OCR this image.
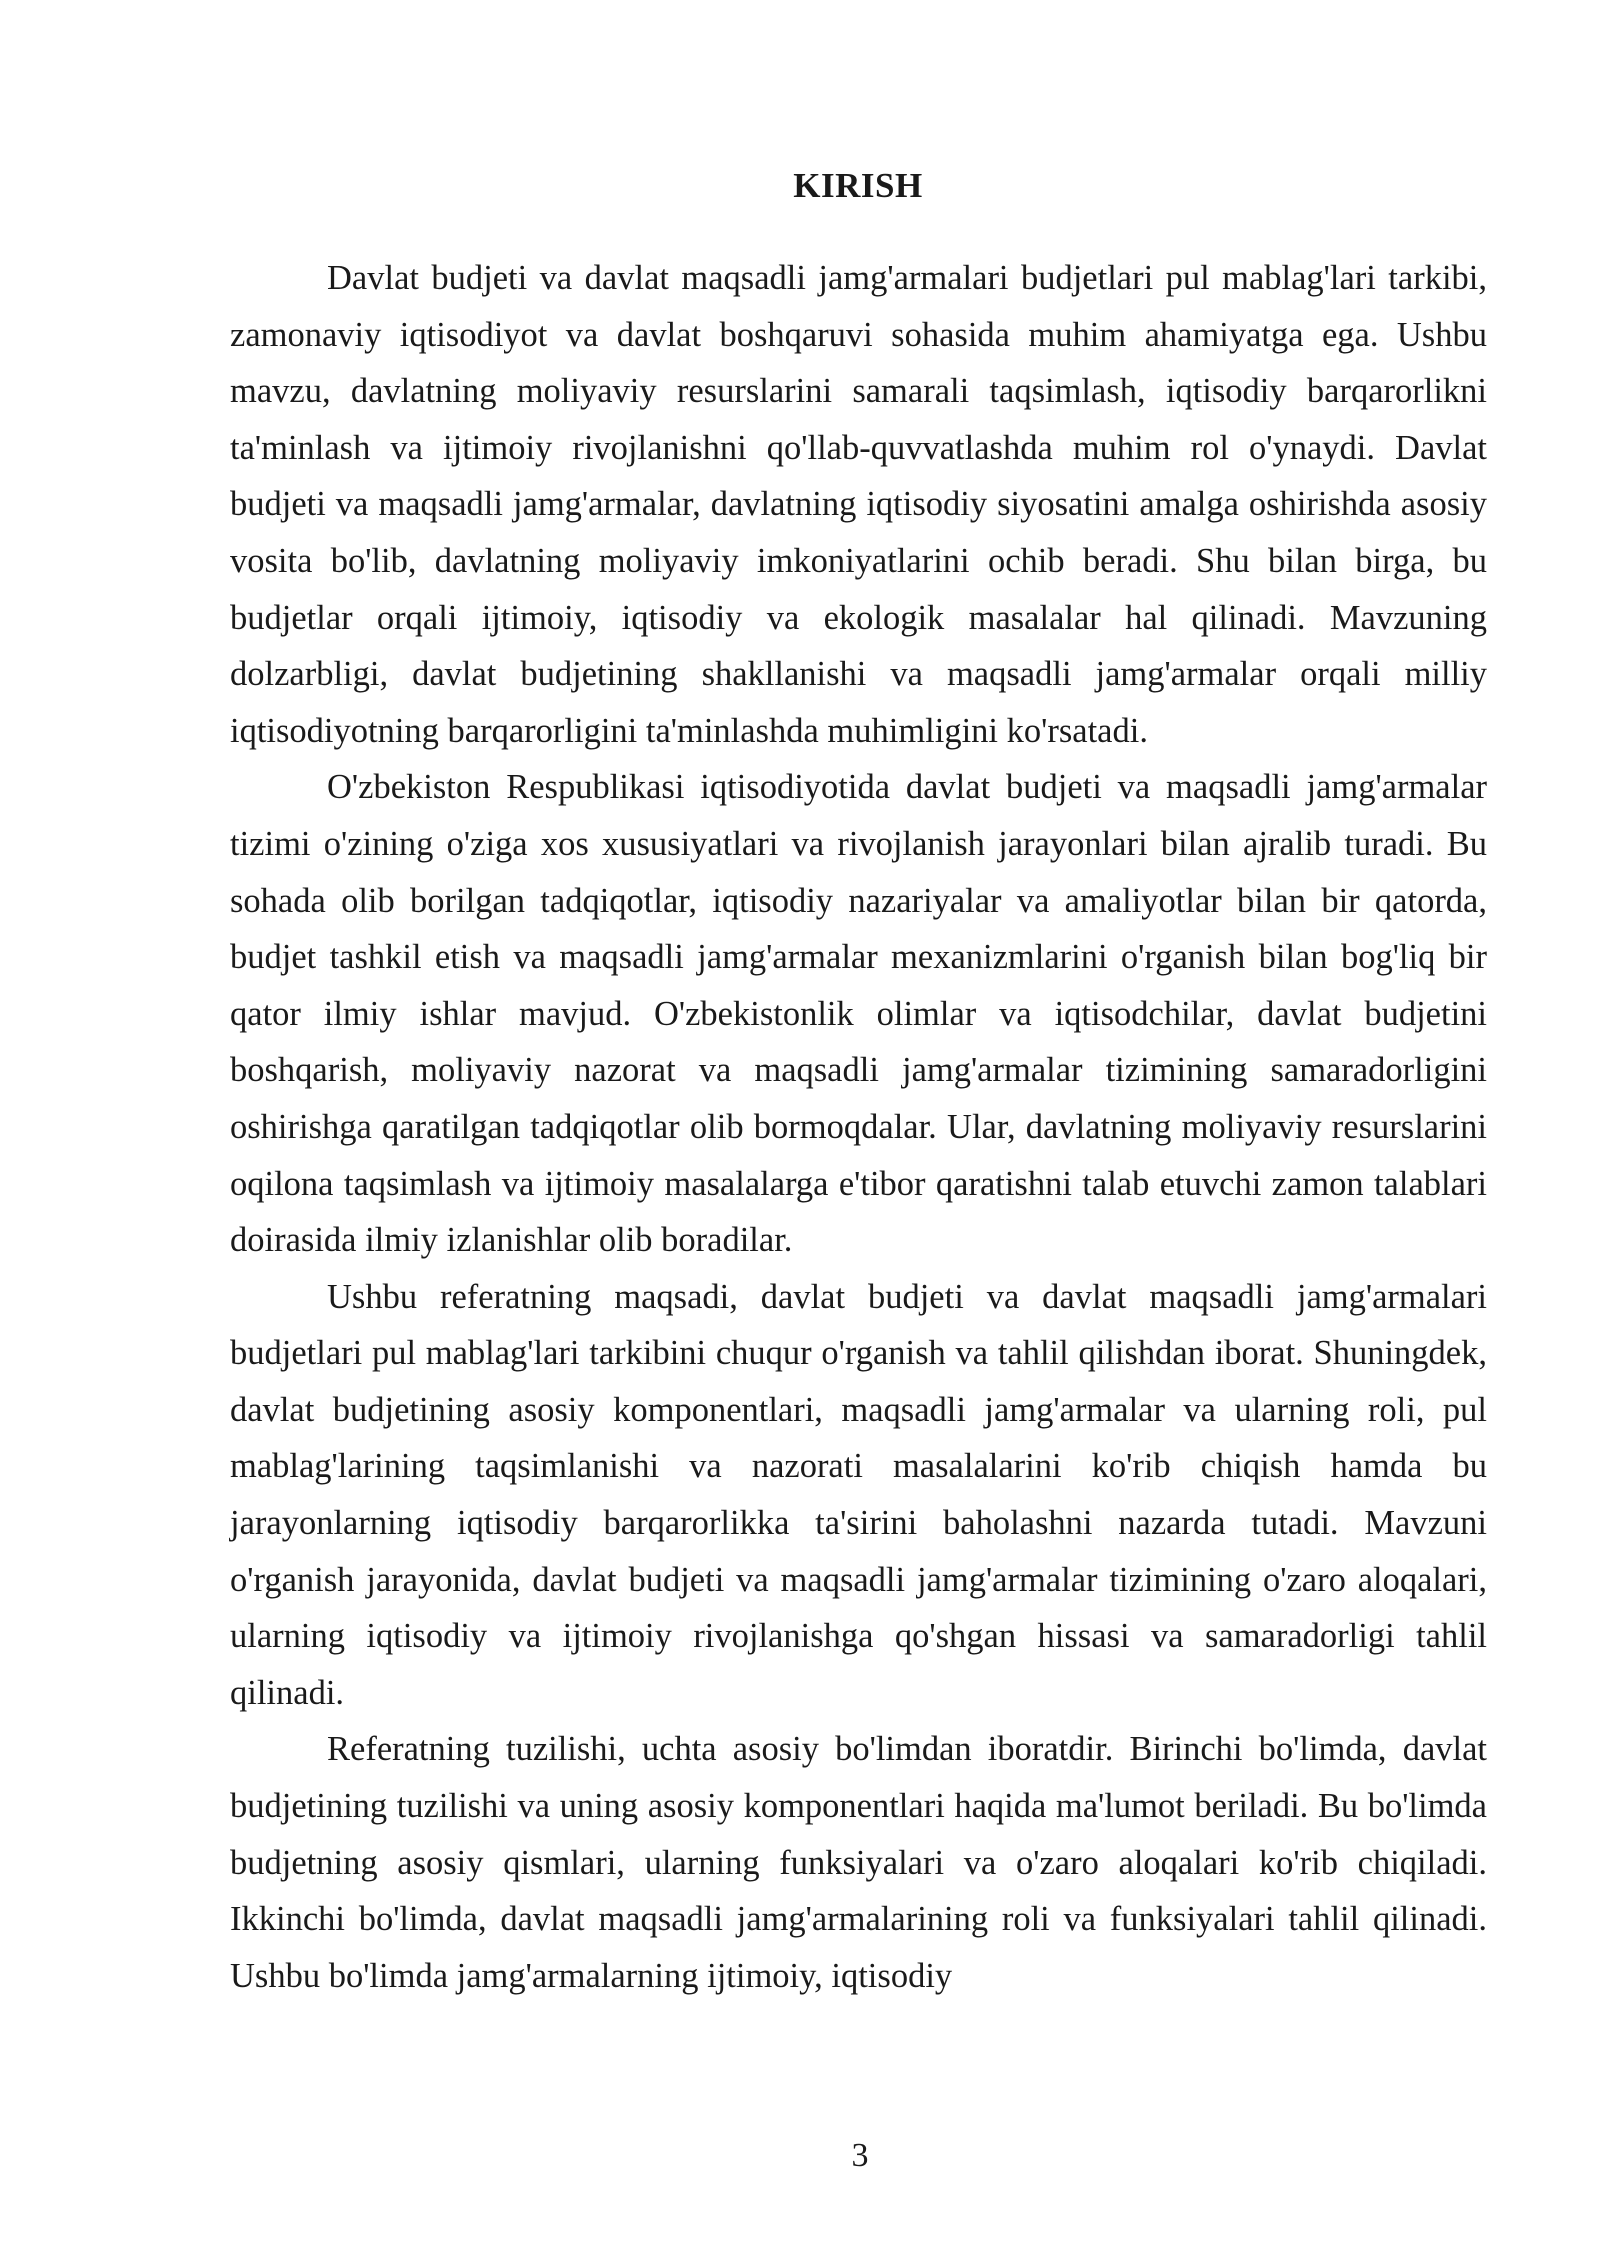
KIRISH

Davlat budjeti va davlat maqsadli jamg'armalari budjetlari pul mablag'lari tarkibi, zamonaviy iqtisodiyot va davlat boshqaruvi sohasida muhim ahamiyatga ega. Ushbu mavzu, davlatning moliyaviy resurslarini samarali taqsimlash, iqtisodiy barqarorlikni ta'minlash va ijtimoiy rivojlanishni qo'llab-quvvatlashda muhim rol o'ynaydi. Davlat budjeti va maqsadli jamg'armalar, davlatning iqtisodiy siyosatini amalga oshirishda asosiy vosita bo'lib, davlatning moliyaviy imkoniyatlarini ochib beradi. Shu bilan birga, bu budjetlar orqali ijtimoiy, iqtisodiy va ekologik masalalar hal qilinadi. Mavzuning dolzarbligi, davlat budjetining shakllanishi va maqsadli jamg'armalar orqali milliy iqtisodiyotning barqarorligini ta'minlashda muhimligini ko'rsatadi.

O'zbekiston Respublikasi iqtisodiyotida davlat budjeti va maqsadli jamg'armalar tizimi o'zining o'ziga xos xususiyatlari va rivojlanish jarayonlari bilan ajralib turadi. Bu sohada olib borilgan tadqiqotlar, iqtisodiy nazariyalar va amaliyotlar bilan bir qatorda, budjet tashkil etish va maqsadli jamg'armalar mexanizmlarini o'rganish bilan bog'liq bir qator ilmiy ishlar mavjud. O'zbekistonlik olimlar va iqtisodchilar, davlat budjetini boshqarish, moliyaviy nazorat va maqsadli jamg'armalar tizimining samaradorligini oshirishga qaratilgan tadqiqotlar olib bormoqdalar. Ular, davlatning moliyaviy resurslarini oqilona taqsimlash va ijtimoiy masalalarga e'tibor qaratishni talab etuvchi zamon talablari doirasida ilmiy izlanishlar olib boradilar.

Ushbu referatning maqsadi, davlat budjeti va davlat maqsadli jamg'armalari budjetlari pul mablag'lari tarkibini chuqur o'rganish va tahlil qilishdan iborat. Shuningdek, davlat budjetining asosiy komponentlari, maqsadli jamg'armalar va ularning roli, pul mablag'larining taqsimlanishi va nazorati masalalarini ko'rib chiqish hamda bu jarayonlarning iqtisodiy barqarorlikka ta'sirini baholashni nazarda tutadi. Mavzuni o'rganish jarayonida, davlat budjeti va maqsadli jamg'armalar tizimining o'zaro aloqalari, ularning iqtisodiy va ijtimoiy rivojlanishga qo'shgan hissasi va samaradorligi tahlil qilinadi.

Referatning tuzilishi, uchta asosiy bo'limdan iboratdir. Birinchi bo'limda, davlat budjetining tuzilishi va uning asosiy komponentlari haqida ma'lumot beriladi. Bu bo'limda budjetning asosiy qismlari, ularning funksiyalari va o'zaro aloqalari ko'rib chiqiladi. Ikkinchi bo'limda, davlat maqsadli jamg'armalarining roli va funksiyalari tahlil qilinadi. Ushbu bo'limda jamg'armalarning ijtimoiy, iqtisodiy

3
